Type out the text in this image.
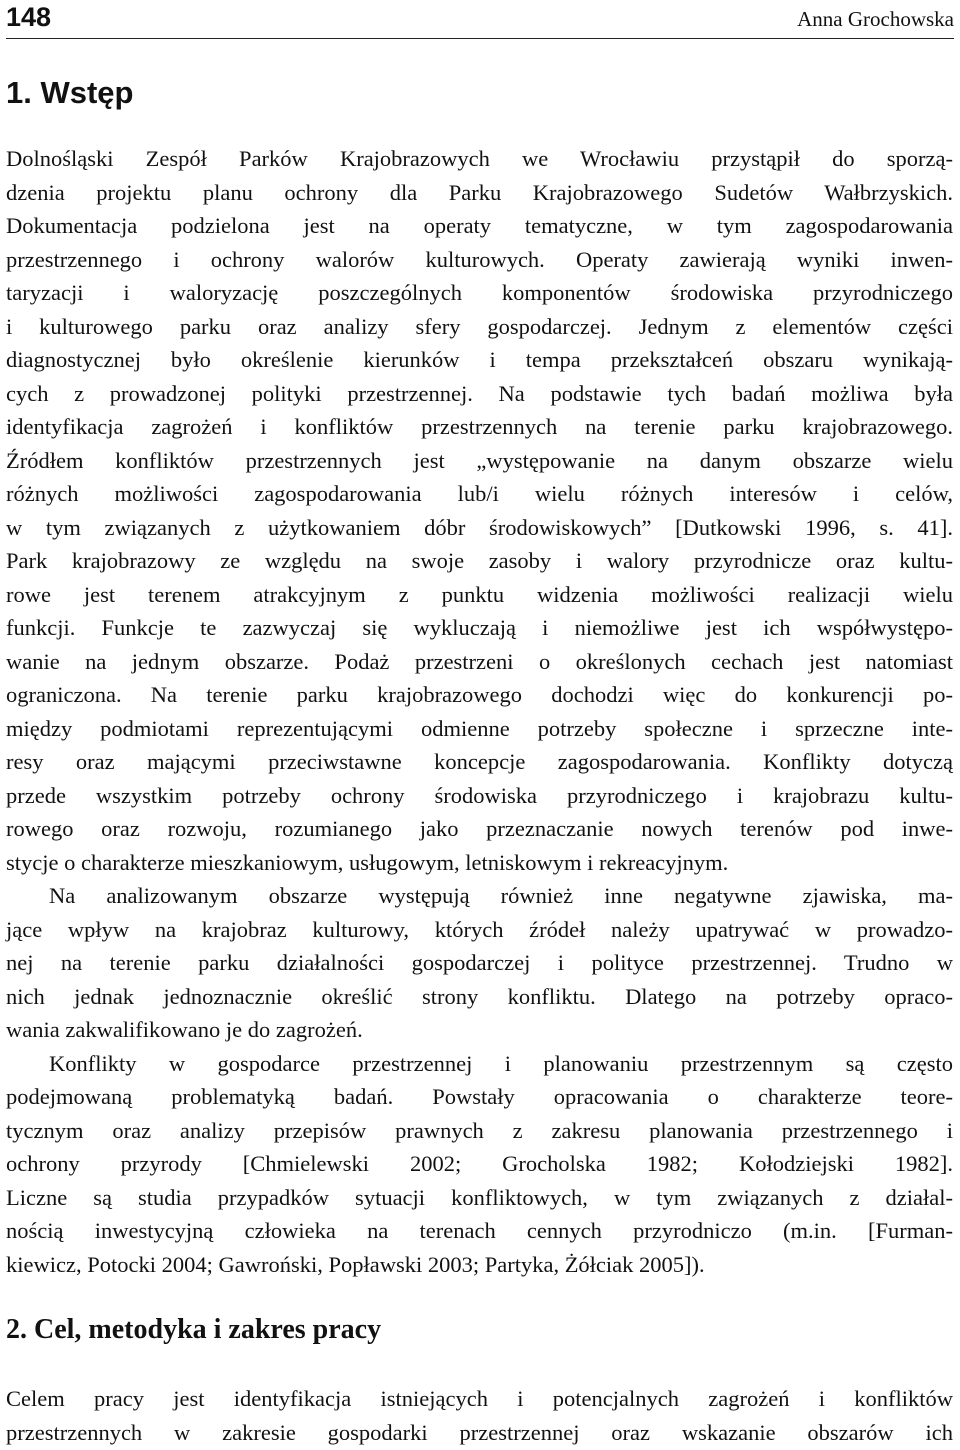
148	Anna Grochowska
1. Wstęp

Dolnośląski Zespół Parków Krajobrazowych we Wrocławiu przystąpił do sporzą-

dzenia projektu planu ochrony dla Parku Krajobrazowego Sudetów Wałbrzyskich.

Dokumentacja podzielona jest na operaty tematyczne, w tym zagospodarowania

przestrzennego i ochrony walorów kulturowych. Operaty zawierają wyniki inwen-

taryzacji i waloryzację poszczególnych komponentów środowiska przyrodniczego

i kulturowego parku oraz analizy sfery gospodarczej. Jednym z elementów części

diagnostycznej było określenie kierunków i tempa przekształceń obszaru wynikają-

cych z prowadzonej polityki przestrzennej. Na podstawie tych badań możliwa była

identyfikacja zagrożeń i konfliktów przestrzennych na terenie parku krajobrazowego.

Źródłem konfliktów przestrzennych jest „występowanie na danym obszarze wielu

różnych możliwości zagospodarowania lub/i wielu różnych interesów i celów,

w tym związanych z użytkowaniem dóbr środowiskowych” [Dutkowski 1996, s. 41].

Park krajobrazowy ze względu na swoje zasoby i walory przyrodnicze oraz kultu-

rowe jest terenem atrakcyjnym z punktu widzenia możliwości realizacji wielu

funkcji. Funkcje te zazwyczaj się wykluczają i niemożliwe jest ich współwystępo-

wanie na jednym obszarze. Podaż przestrzeni o określonych cechach jest natomiast

ograniczona. Na terenie parku krajobrazowego dochodzi więc do konkurencji po-

między podmiotami reprezentującymi odmienne potrzeby społeczne i sprzeczne inte-

resy oraz mającymi przeciwstawne koncepcje zagospodarowania. Konflikty dotyczą

przede wszystkim potrzeby ochrony środowiska przyrodniczego i krajobrazu kultu-

rowego oraz rozwoju, rozumianego jako przeznaczanie nowych terenów pod inwe-

stycje o charakterze mieszkaniowym, usługowym, letniskowym i rekreacyjnym.

Na analizowanym obszarze występują również inne negatywne zjawiska, ma-

jące wpływ na krajobraz kulturowy, których źródeł należy upatrywać w prowadzo-

nej na terenie parku działalności gospodarczej i polityce przestrzennej. Trudno w

nich jednak jednoznacznie określić strony konfliktu. Dlatego na potrzeby opraco-

wania zakwalifikowano je do zagrożeń.

Konflikty w gospodarce przestrzennej i planowaniu przestrzennym są często

podejmowaną problematyką badań. Powstały opracowania o charakterze teore-

tycznym oraz analizy przepisów prawnych z zakresu planowania przestrzennego i

ochrony przyrody [Chmielewski 2002; Grocholska 1982; Kołodziejski 1982].

Liczne są studia przypadków sytuacji konfliktowych, w tym związanych z działal-

nością inwestycyjną człowieka na terenach cennych przyrodniczo (m.in. [Furman-

kiewicz, Potocki 2004; Gawroński, Popławski 2003; Partyka, Żółciak 2005]).

2. Cel, metodyka i zakres pracy

Celem pracy jest identyfikacja istniejących i potencjalnych zagrożeń i konfliktów

przestrzennych w zakresie gospodarki przestrzennej oraz wskazanie obszarów ich
